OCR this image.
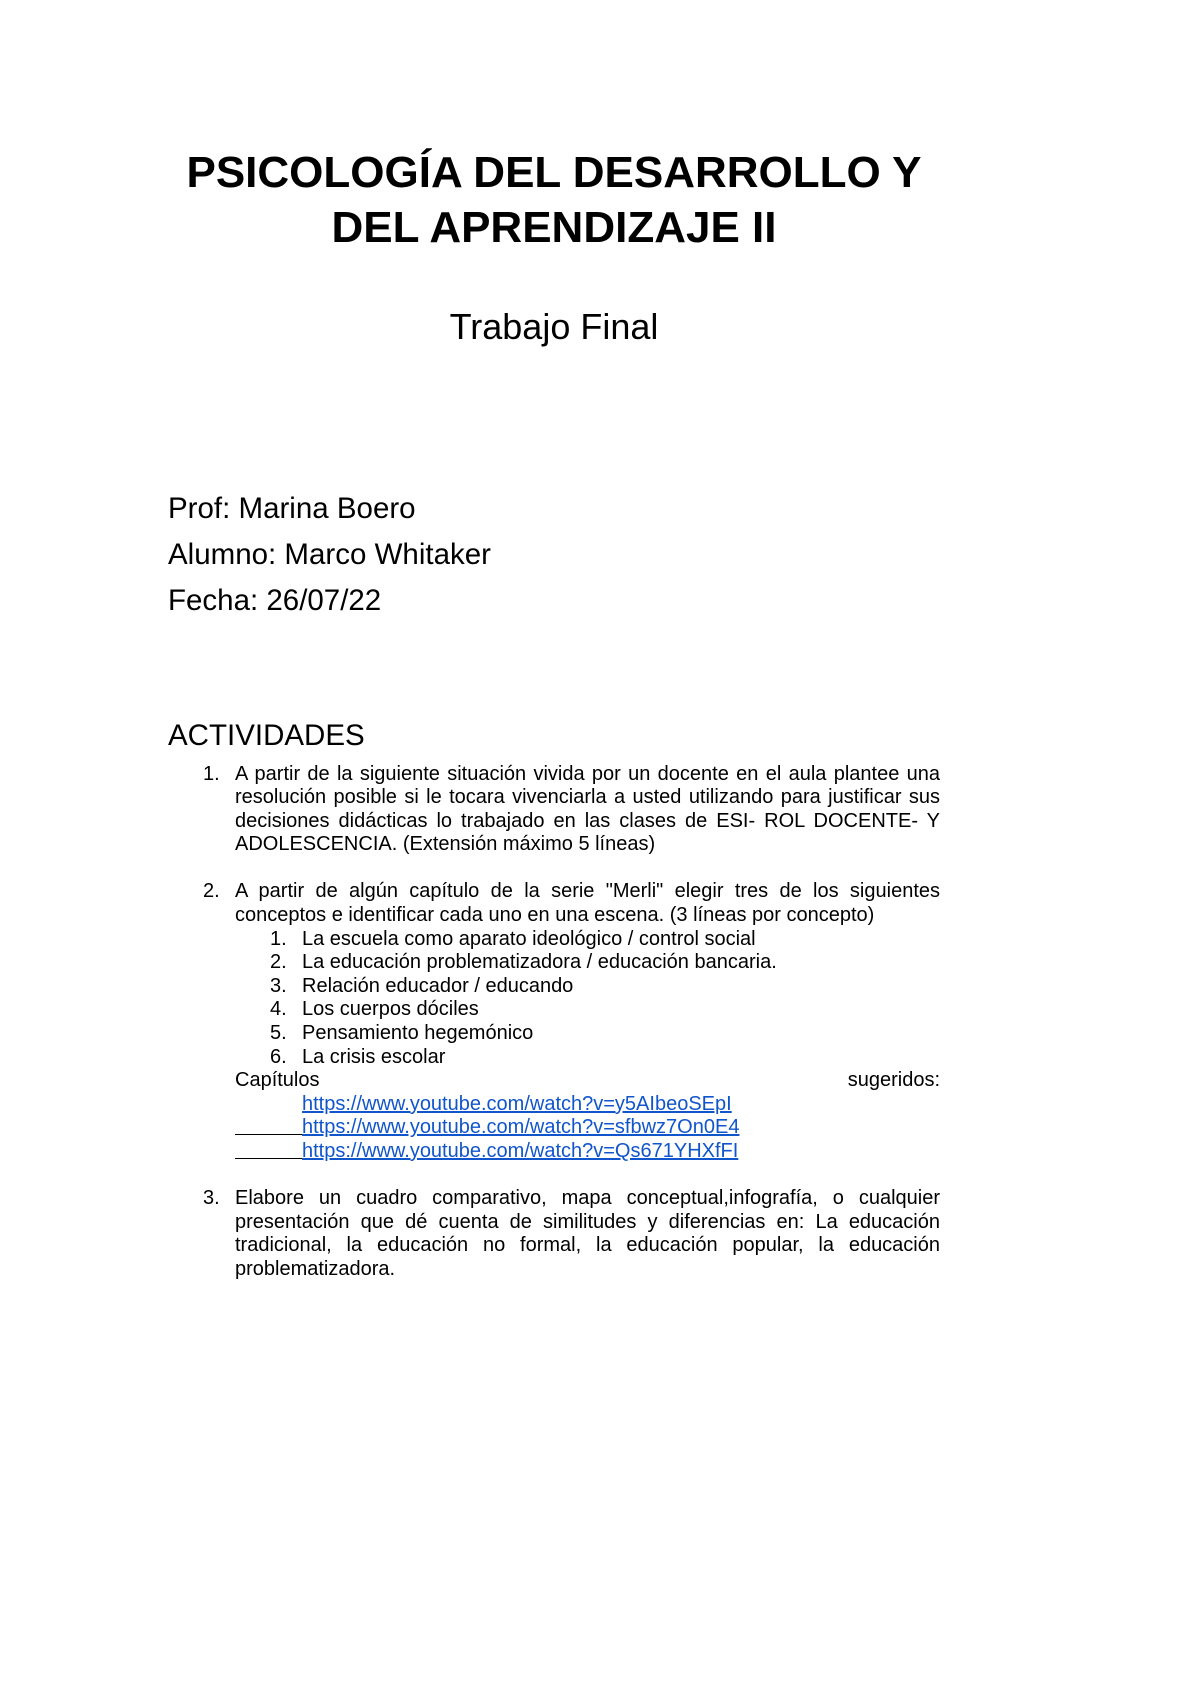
PSICOLOGÍA DEL DESARROLLO Y
DEL APRENDIZAJE II
Trabajo Final
Prof: Marina Boero
Alumno: Marco Whitaker
Fecha: 26/07/22
ACTIVIDADES
1. A partir de la siguiente situación vivida por un docente en el aula plantee una
resolución posible si le tocara vivenciarla a usted utilizando para justificar sus
decisiones didácticas lo trabajado en las clases de ESI- ROL DOCENTE- Y
ADOLESCENCIA. (Extensión máximo 5 líneas)
2. A partir de algún capítulo de la serie "Merli" elegir tres de los siguientes
conceptos e identificar cada uno en una escena. (3 líneas por concepto)
1. La escuela como aparato ideológico / control social
2. La educación problematizadora / educación bancaria.
3. Relación educador / educando
4. Los cuerpos dóciles
5. Pensamiento hegemónico
6. La crisis escolar
Capítulos	sugeridos:
https://www.youtube.com/watch?v=y5AIbeoSEpI
https://www.youtube.com/watch?v=sfbwz7On0E4
https://www.youtube.com/watch?v=Qs671YHXfFI
3. Elabore un cuadro comparativo, mapa conceptual,infografía, o cualquier
presentación que dé cuenta de similitudes y diferencias en: La educación
tradicional, la educación no formal, la educación popular, la educación
problematizadora.
